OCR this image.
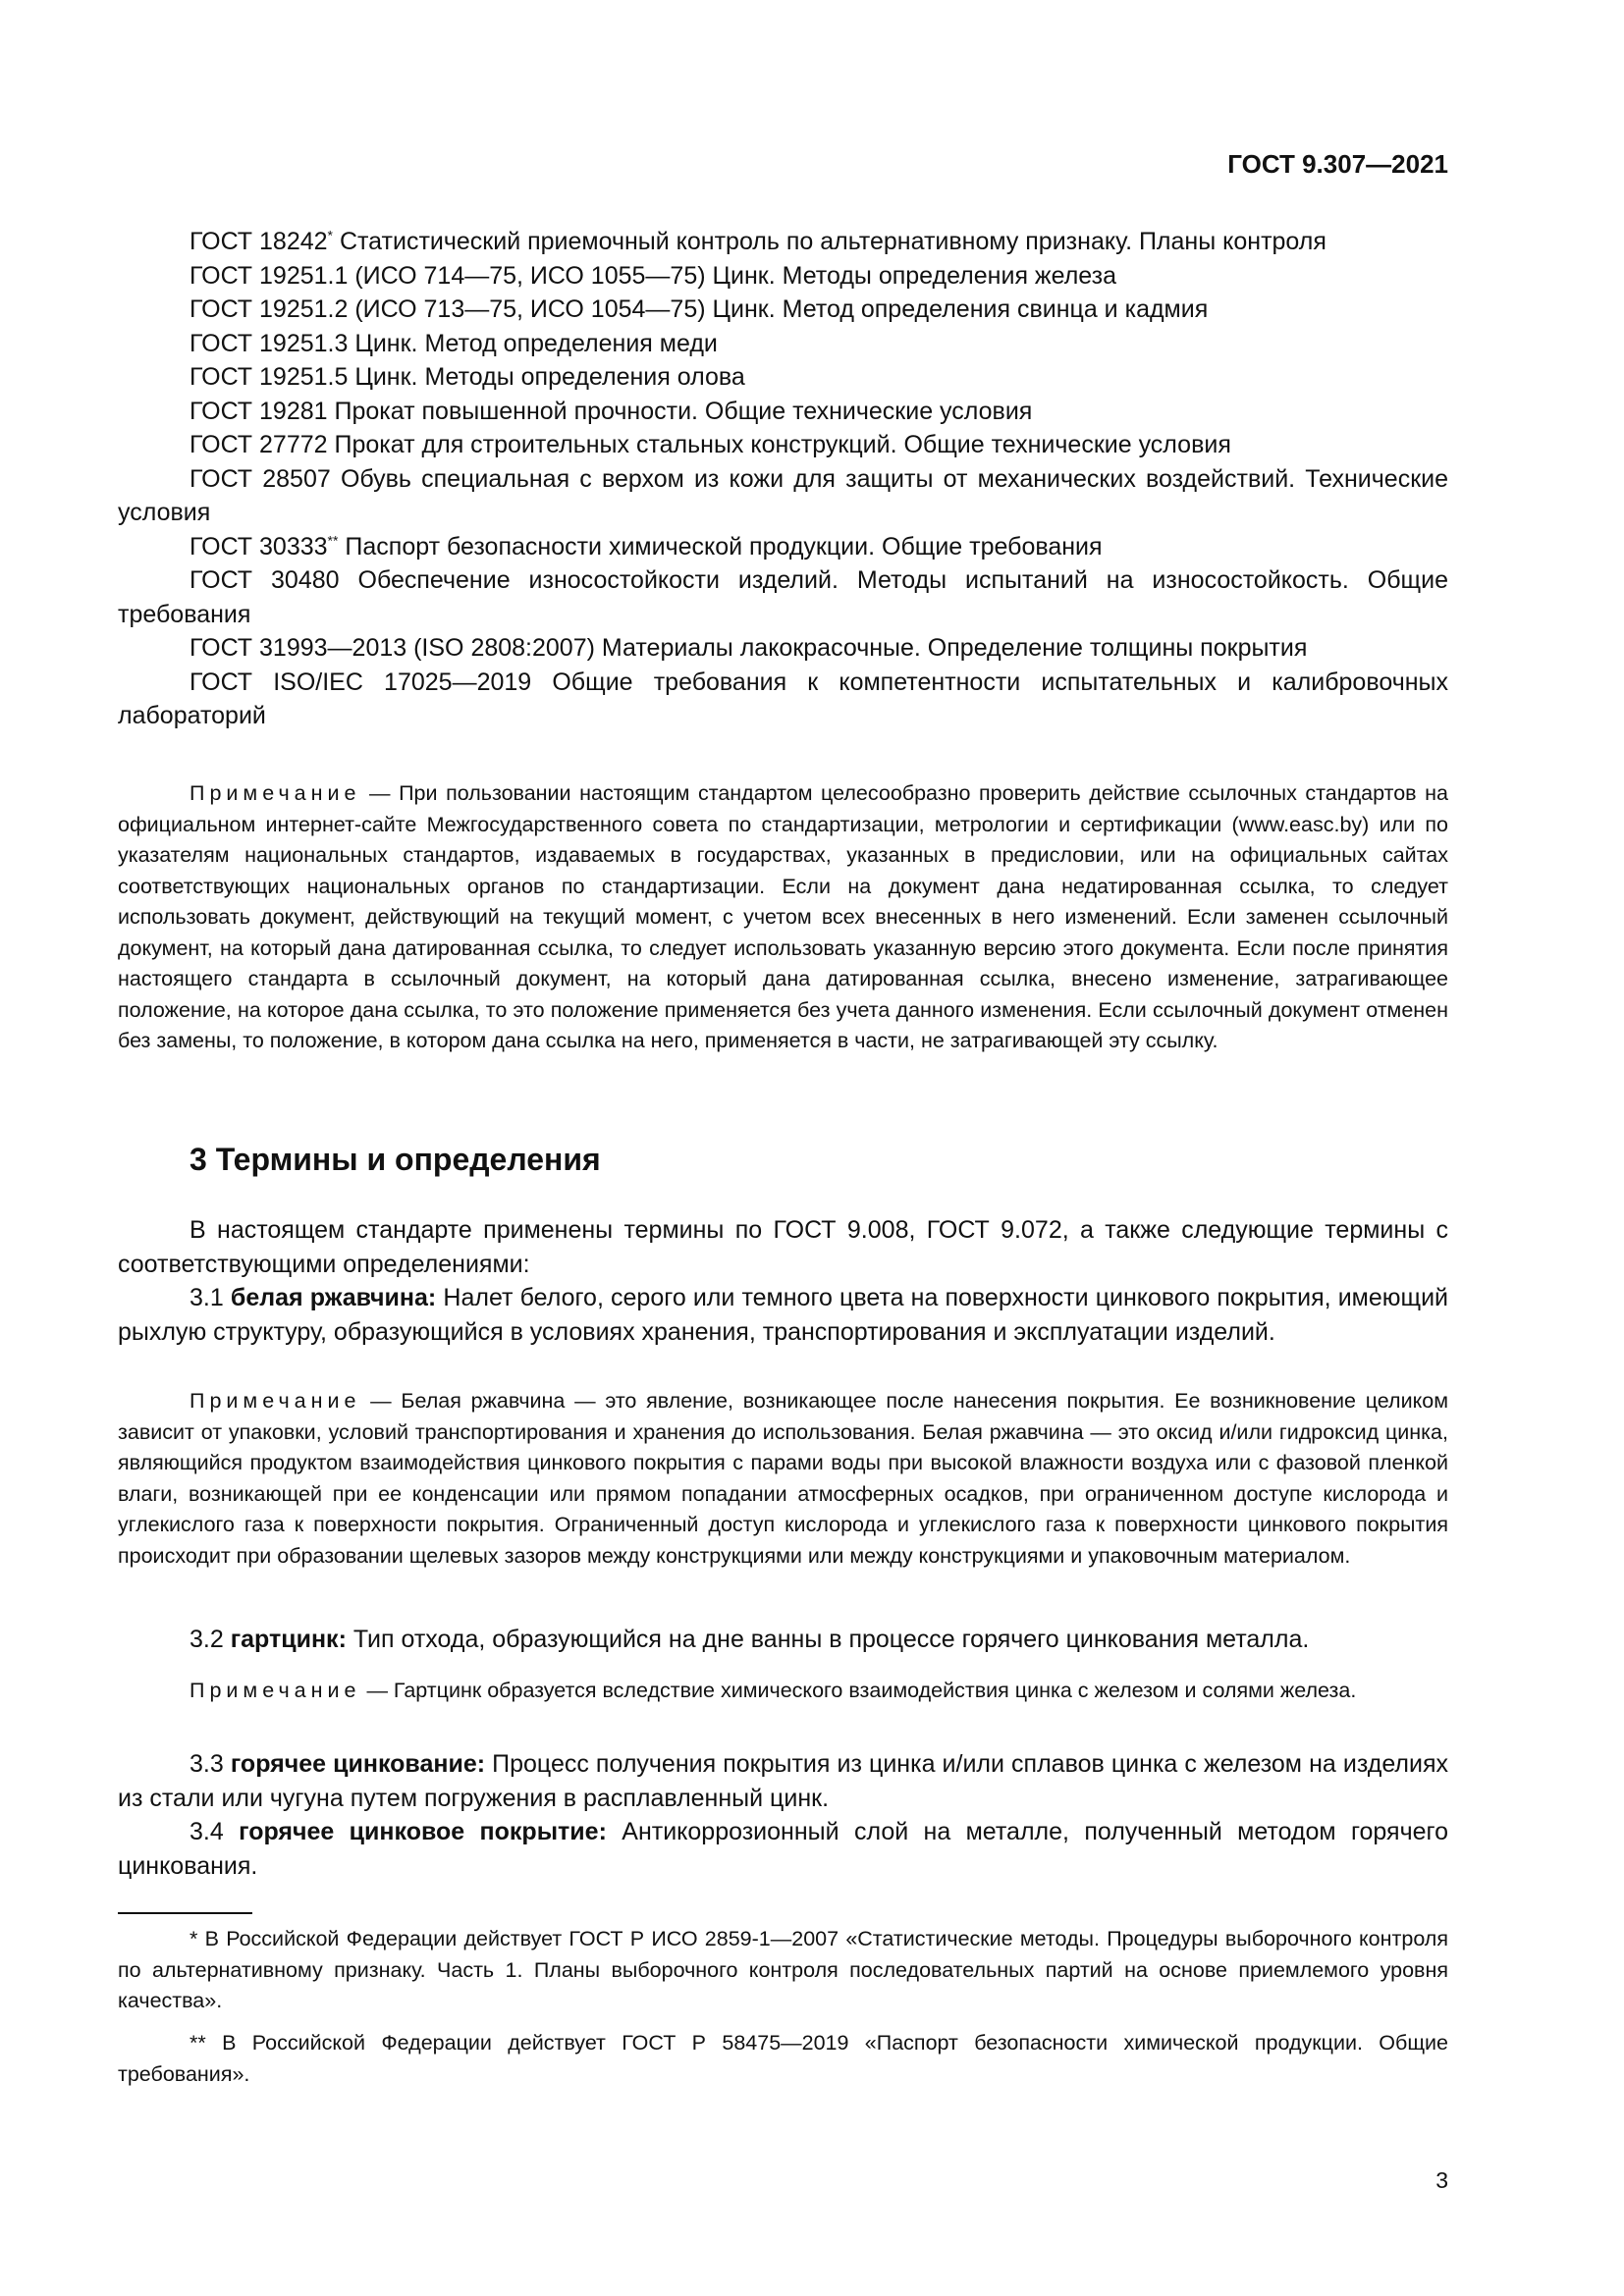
ГОСТ 9.307—2021

ГОСТ 18242* Статистический приемочный контроль по альтернативному признаку. Планы контроля

ГОСТ 19251.1 (ИСО 714—75, ИСО 1055—75) Цинк. Методы определения железа

ГОСТ 19251.2 (ИСО 713—75, ИСО 1054—75) Цинк. Метод определения свинца и кадмия

ГОСТ 19251.3 Цинк. Метод определения меди

ГОСТ 19251.5 Цинк. Методы определения олова

ГОСТ 19281 Прокат повышенной прочности. Общие технические условия

ГОСТ 27772 Прокат для строительных стальных конструкций. Общие технические условия

ГОСТ 28507 Обувь специальная с верхом из кожи для защиты от механических воздействий. Технические условия

ГОСТ 30333** Паспорт безопасности химической продукции. Общие требования

ГОСТ 30480 Обеспечение износостойкости изделий. Методы испытаний на износостойкость. Общие требования

ГОСТ 31993—2013 (ISO 2808:2007) Материалы лакокрасочные. Определение толщины покрытия

ГОСТ ISO/IEC 17025—2019 Общие требования к компетентности испытательных и калибровочных лабораторий

Примечание — При пользовании настоящим стандартом целесообразно проверить действие ссылочных стандартов на официальном интернет-сайте Межгосударственного совета по стандартизации, метрологии и сертификации (www.easc.by) или по указателям национальных стандартов, издаваемых в государствах, указанных в предисловии, или на официальных сайтах соответствующих национальных органов по стандартизации. Если на документ дана недатированная ссылка, то следует использовать документ, действующий на текущий момент, с учетом всех внесенных в него изменений. Если заменен ссылочный документ, на который дана датированная ссылка, то следует использовать указанную версию этого документа. Если после принятия настоящего стандарта в ссылочный документ, на который дана датированная ссылка, внесено изменение, затрагивающее положение, на которое дана ссылка, то это положение применяется без учета данного изменения. Если ссылочный документ отменен без замены, то положение, в котором дана ссылка на него, применяется в части, не затрагивающей эту ссылку.

3 Термины и определения

В настоящем стандарте применены термины по ГОСТ 9.008, ГОСТ 9.072, а также следующие термины с соответствующими определениями:

3.1 белая ржавчина: Налет белого, серого или темного цвета на поверхности цинкового покрытия, имеющий рыхлую структуру, образующийся в условиях хранения, транспортирования и эксплуатации изделий.

Примечание — Белая ржавчина — это явление, возникающее после нанесения покрытия. Ее возникновение целиком зависит от упаковки, условий транспортирования и хранения до использования. Белая ржавчина — это оксид и/или гидроксид цинка, являющийся продуктом взаимодействия цинкового покрытия с парами воды при высокой влажности воздуха или с фазовой пленкой влаги, возникающей при ее конденсации или прямом попадании атмосферных осадков, при ограниченном доступе кислорода и углекислого газа к поверхности покрытия. Ограниченный доступ кислорода и углекислого газа к поверхности цинкового покрытия происходит при образовании щелевых зазоров между конструкциями или между конструкциями и упаковочным материалом.

3.2 гартцинк: Тип отхода, образующийся на дне ванны в процессе горячего цинкования металла.

Примечание — Гартцинк образуется вследствие химического взаимодействия цинка с железом и солями железа.

3.3 горячее цинкование: Процесс получения покрытия из цинка и/или сплавов цинка с железом на изделиях из стали или чугуна путем погружения в расплавленный цинк.

3.4 горячее цинковое покрытие: Антикоррозионный слой на металле, полученный методом горячего цинкования.

* В Российской Федерации действует ГОСТ Р ИСО 2859-1—2007 «Статистические методы. Процедуры выборочного контроля по альтернативному признаку. Часть 1. Планы выборочного контроля последовательных партий на основе приемлемого уровня качества».

** В Российской Федерации действует ГОСТ Р 58475—2019 «Паспорт безопасности химической продукции. Общие требования».

3
